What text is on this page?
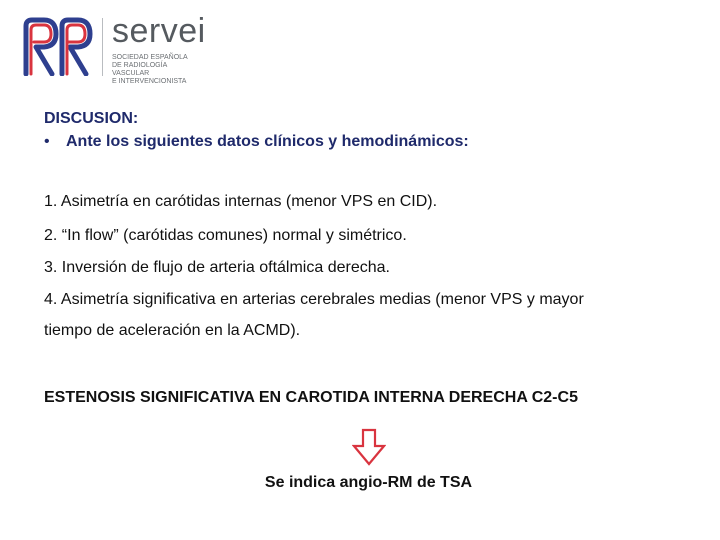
servei
SOCIEDAD ESPAÑOLA
DE RADIOLOGÍA
VASCULAR
E INTERVENCIONISTA
DISCUSION:
•	Ante los siguientes datos clínicos y hemodinámicos:
1. Asimetría en carótidas internas (menor VPS en CID).
2. “In flow” (carótidas comunes) normal y simétrico.
3. Inversión de flujo de arteria oftálmica derecha.
4. Asimetría significativa en arterias cerebrales medias (menor VPS y mayor
tiempo de aceleración en la ACMD).
ESTENOSIS SIGNIFICATIVA EN CAROTIDA INTERNA DERECHA C2-C5
Se indica angio-RM de TSA
